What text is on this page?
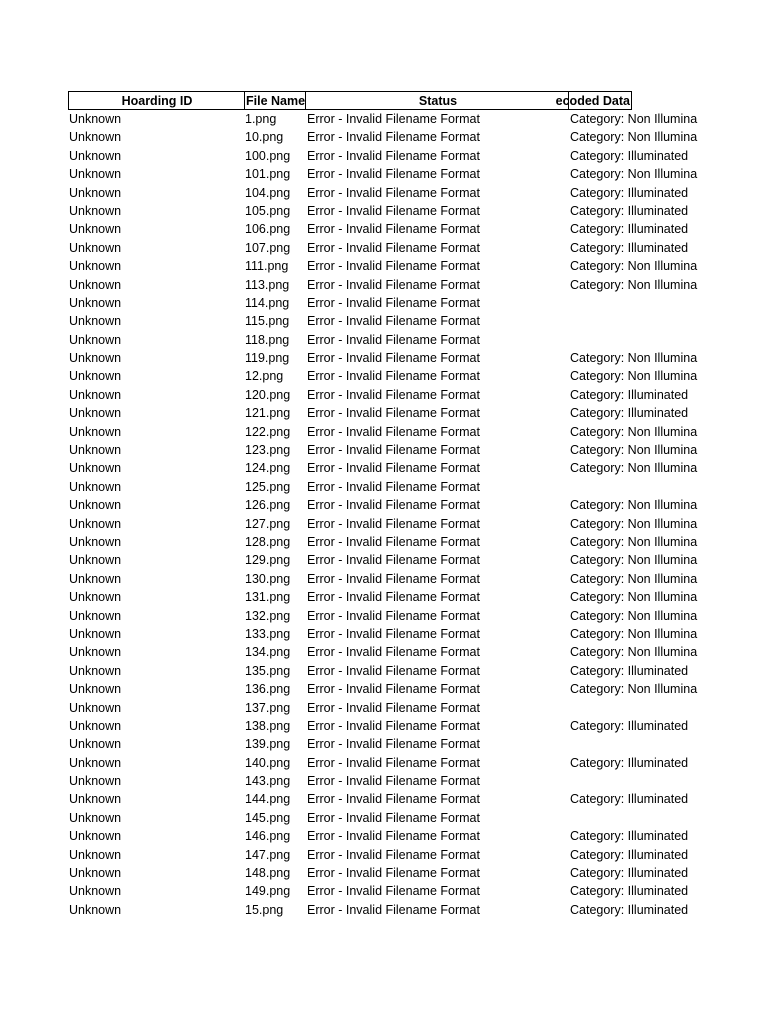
Hoarding ID	File Name	Status	ecoded Data
Unknown	1.png	Error - Invalid Filename Format	Category: Non Illumina
Unknown	10.png	Error - Invalid Filename Format	Category: Non Illumina
Unknown	100.png	Error - Invalid Filename Format	Category: Illuminated
Unknown	101.png	Error - Invalid Filename Format	Category: Non Illumina
Unknown	104.png	Error - Invalid Filename Format	Category: Illuminated
Unknown	105.png	Error - Invalid Filename Format	Category: Illuminated
Unknown	106.png	Error - Invalid Filename Format	Category: Illuminated
Unknown	107.png	Error - Invalid Filename Format	Category: Illuminated
Unknown	111.png	Error - Invalid Filename Format	Category: Non Illumina
Unknown	113.png	Error - Invalid Filename Format	Category: Non Illumina
Unknown	114.png	Error - Invalid Filename Format
Unknown	115.png	Error - Invalid Filename Format
Unknown	118.png	Error - Invalid Filename Format
Unknown	119.png	Error - Invalid Filename Format	Category: Non Illumina
Unknown	12.png	Error - Invalid Filename Format	Category: Non Illumina
Unknown	120.png	Error - Invalid Filename Format	Category: Illuminated
Unknown	121.png	Error - Invalid Filename Format	Category: Illuminated
Unknown	122.png	Error - Invalid Filename Format	Category: Non Illumina
Unknown	123.png	Error - Invalid Filename Format	Category: Non Illumina
Unknown	124.png	Error - Invalid Filename Format	Category: Non Illumina
Unknown	125.png	Error - Invalid Filename Format
Unknown	126.png	Error - Invalid Filename Format	Category: Non Illumina
Unknown	127.png	Error - Invalid Filename Format	Category: Non Illumina
Unknown	128.png	Error - Invalid Filename Format	Category: Non Illumina
Unknown	129.png	Error - Invalid Filename Format	Category: Non Illumina
Unknown	130.png	Error - Invalid Filename Format	Category: Non Illumina
Unknown	131.png	Error - Invalid Filename Format	Category: Non Illumina
Unknown	132.png	Error - Invalid Filename Format	Category: Non Illumina
Unknown	133.png	Error - Invalid Filename Format	Category: Non Illumina
Unknown	134.png	Error - Invalid Filename Format	Category: Non Illumina
Unknown	135.png	Error - Invalid Filename Format	Category: Illuminated
Unknown	136.png	Error - Invalid Filename Format	Category: Non Illumina
Unknown	137.png	Error - Invalid Filename Format
Unknown	138.png	Error - Invalid Filename Format	Category: Illuminated
Unknown	139.png	Error - Invalid Filename Format
Unknown	140.png	Error - Invalid Filename Format	Category: Illuminated
Unknown	143.png	Error - Invalid Filename Format
Unknown	144.png	Error - Invalid Filename Format	Category: Illuminated
Unknown	145.png	Error - Invalid Filename Format
Unknown	146.png	Error - Invalid Filename Format	Category: Illuminated
Unknown	147.png	Error - Invalid Filename Format	Category: Illuminated
Unknown	148.png	Error - Invalid Filename Format	Category: Illuminated
Unknown	149.png	Error - Invalid Filename Format	Category: Illuminated
Unknown	15.png	Error - Invalid Filename Format	Category: Illuminated
